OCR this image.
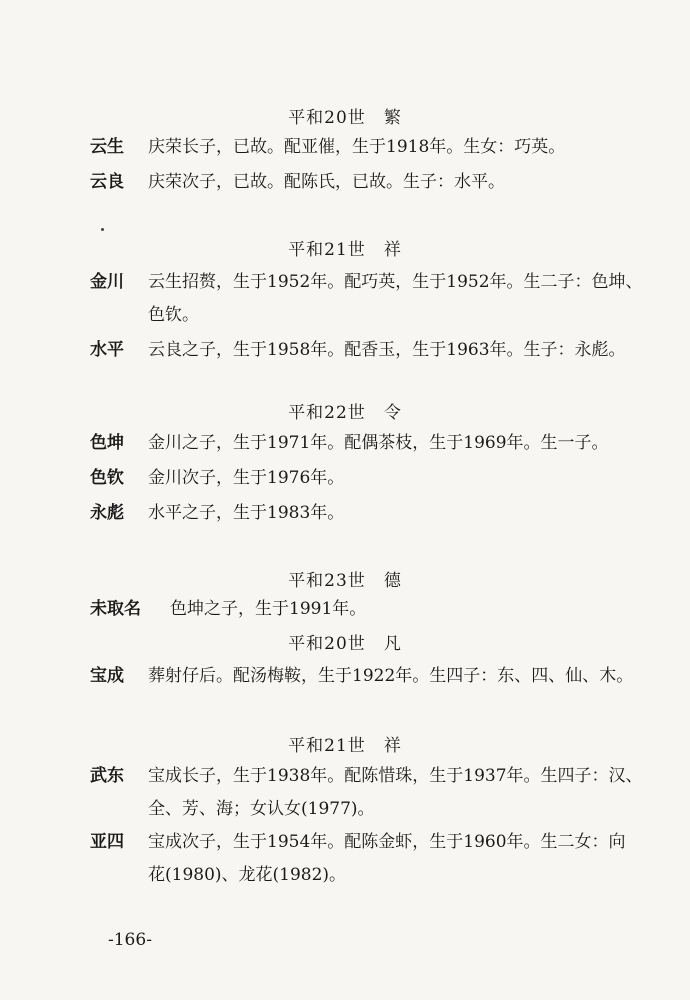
平和20世 繁
云生 庆荣长子，已故。配亚催，生于1918年。生女：巧英。
云良 庆荣次子，已故。配陈氏，已故。生子：水平。
平和21世 祥
金川 云生招赘，生于1952年。配巧英，生于1952年。生二子：色坤、
色钦。
水平 云良之子，生于1958年。配香玉，生于1963年。生子：永彪。
平和22世 令
色坤 金川之子，生于1971年。配偶茶枝，生于1969年。生一子。
色钦 金川次子，生于1976年。
永彪 水平之子，生于1983年。
平和23世 德
未取名 色坤之子，生于1991年。
平和20世 凡
宝成 葬射仔后。配汤梅鞍，生于1922年。生四子：东、四、仙、木。
平和21世 祥
武东 宝成长子，生于1938年。配陈惜珠，生于1937年。生四子：汉、
全、芳、海；女认女(1977)。
亚四 宝成次子，生于1954年。配陈金虾，生于1960年。生二女：向
花(1980)、龙花(1982)。
-166-
